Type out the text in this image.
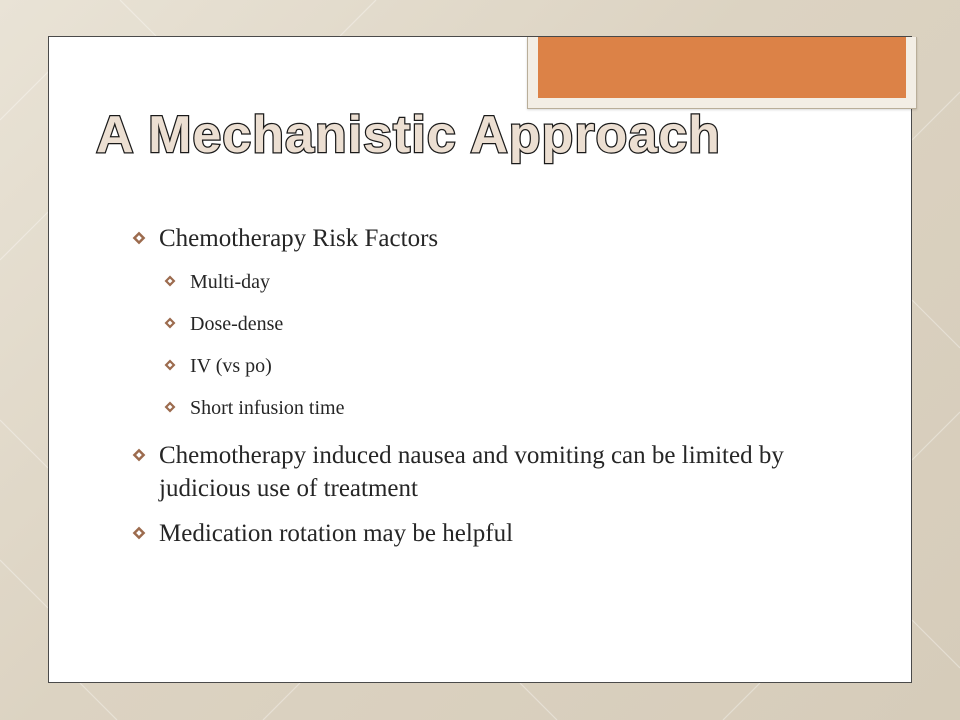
A Mechanistic Approach
Chemotherapy Risk Factors
Multi-day
Dose-dense
IV (vs po)
Short infusion time
Chemotherapy induced nausea and vomiting can be limited by judicious use of treatment
Medication rotation may be helpful
